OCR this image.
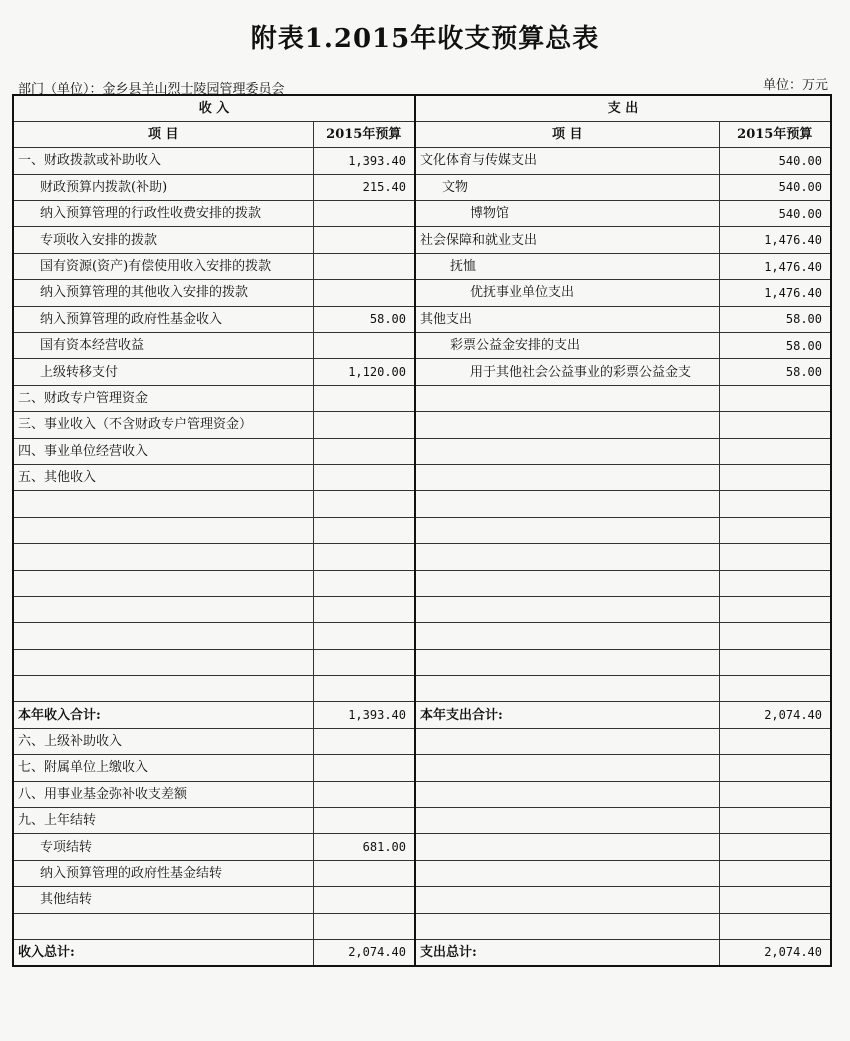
附表1.2015年收支预算总表
部门（单位）：金乡县羊山烈士陵园管理委员会	单位：万元
收 入		支 出	
项 目	2015年预算	项 目	2015年预算
一、财政拨款或补助收入	1,393.40	文化体育与传媒支出	540.00
财政预算内拨款(补助)	215.40	文物	540.00
纳入预算管理的行政性收费安排的拨款		博物馆	540.00
专项收入安排的拨款		社会保障和就业支出	1,476.40
国有资源(资产)有偿使用收入安排的拨款		抚恤	1,476.40
纳入预算管理的其他收入安排的拨款		优抚事业单位支出	1,476.40
纳入预算管理的政府性基金收入	58.00	其他支出	58.00
国有资本经营收益		彩票公益金安排的支出	58.00
上级转移支付	1,120.00	用于其他社会公益事业的彩票公益金支	58.00
二、财政专户管理资金			
三、事业收入（不含财政专户管理资金）			
四、事业单位经营收入			
五、其他收入			

本年收入合计:	1,393.40	本年支出合计:	2,074.40
六、上级补助收入			
七、附属单位上缴收入			
八、用事业基金弥补收支差额			
九、上年结转			
专项结转	681.00		
纳入预算管理的政府性基金结转			
其他结转			

收入总计:	2,074.40	支出总计:	2,074.40
